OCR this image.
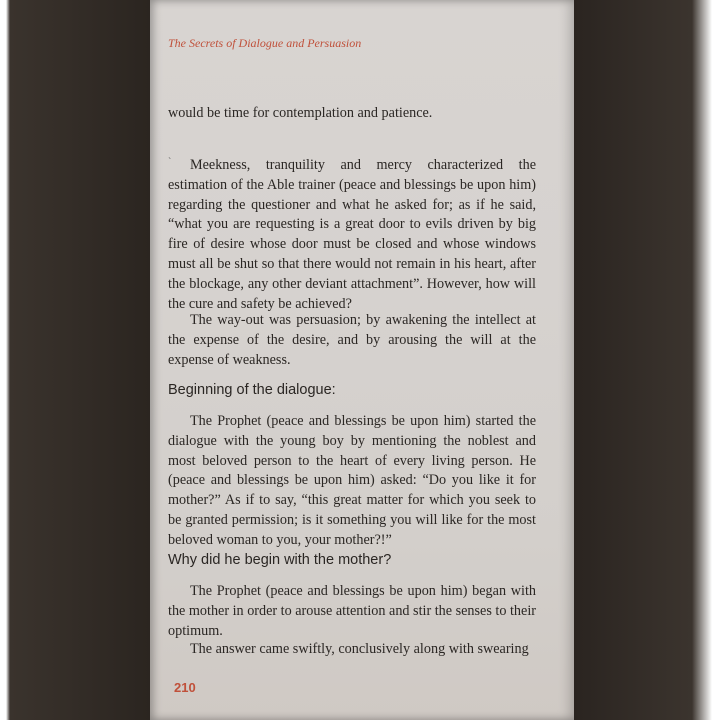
The Secrets of Dialogue and Persuasion
would be time for contemplation and patience.
ˋ	Meekness, tranquility and mercy characterized the estimation of the Able trainer (peace and blessings be upon him) regarding the questioner and what he asked for; as if he said, “what you are requesting is a great door to evils driven by big fire of desire whose door must be closed and whose windows must all be shut so that there would not remain in his heart, after the blockage, any other deviant attachment”. However, how will the cure and safety be achieved?
The way-out was persuasion; by awakening the intellect at the expense of the desire, and by arousing the will at the expense of weakness.
Beginning of the dialogue:
The Prophet (peace and blessings be upon him) started the dialogue with the young boy by mentioning the noblest and most beloved person to the heart of every living person. He (peace and blessings be upon him) asked: “Do you like it for mother?” As if to say, “this great matter for which you seek to be granted permission; is it something you will like for the most beloved woman to you, your mother?!”
Why did he begin with the mother?
The Prophet (peace and blessings be upon him) began with the mother in order to arouse attention and stir the senses to their optimum.
The answer came swiftly, conclusively along with swearing
210
